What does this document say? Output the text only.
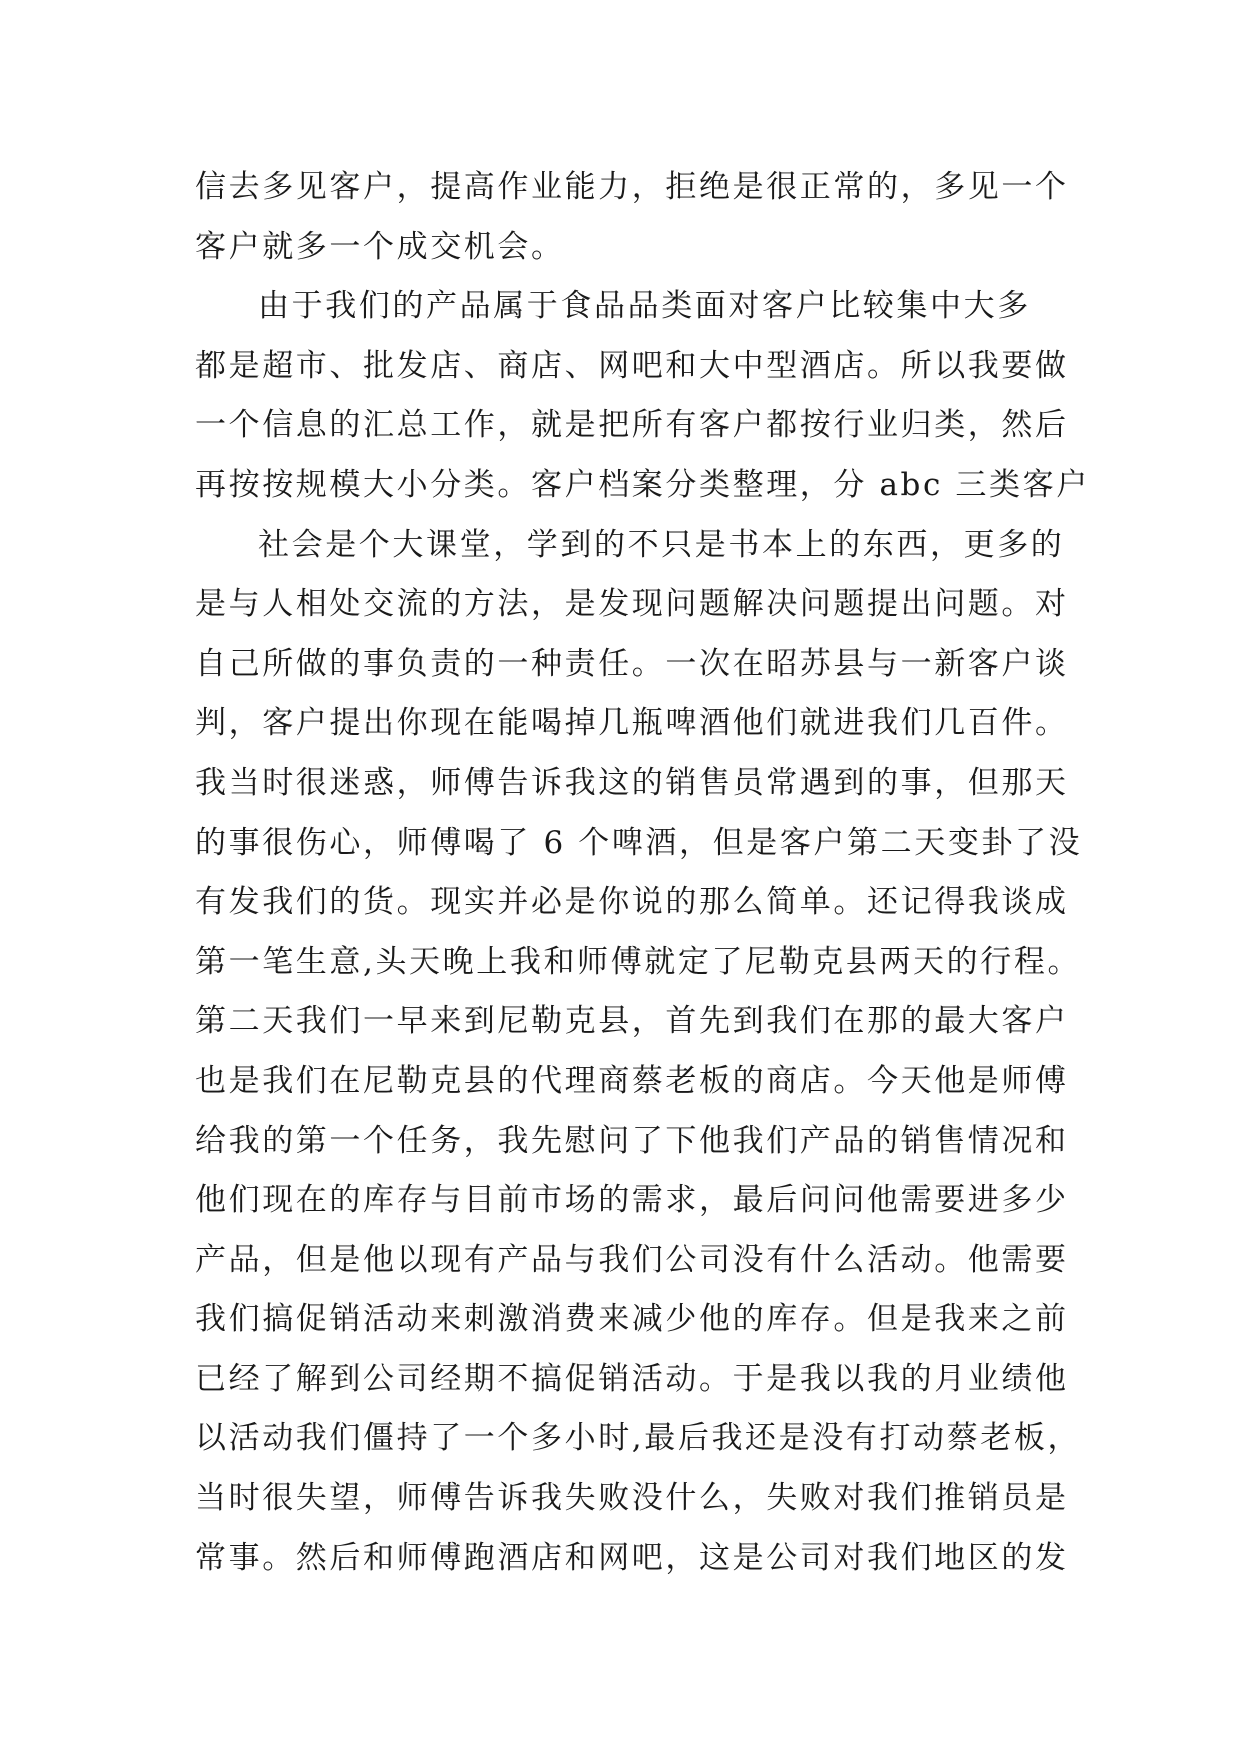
信去多见客户，提高作业能力，拒绝是很正常的，多见一个
客户就多一个成交机会。
由于我们的产品属于食品品类面对客户比较集中大多
都是超市、批发店、商店、网吧和大中型酒店。所以我要做
一个信息的汇总工作，就是把所有客户都按行业归类，然后
再按按规模大小分类。客户档案分类整理，分 abc 三类客户
社会是个大课堂，学到的不只是书本上的东西，更多的
是与人相处交流的方法，是发现问题解决问题提出问题。对
自己所做的事负责的一种责任。一次在昭苏县与一新客户谈
判，客户提出你现在能喝掉几瓶啤酒他们就进我们几百件。
我当时很迷惑，师傅告诉我这的销售员常遇到的事，但那天
的事很伤心，师傅喝了 6 个啤酒，但是客户第二天变卦了没
有发我们的货。现实并必是你说的那么简单。还记得我谈成
第一笔生意,头天晚上我和师傅就定了尼勒克县两天的行程。
第二天我们一早来到尼勒克县，首先到我们在那的最大客户
也是我们在尼勒克县的代理商蔡老板的商店。今天他是师傅
给我的第一个任务，我先慰问了下他我们产品的销售情况和
他们现在的库存与目前市场的需求，最后问问他需要进多少
产品，但是他以现有产品与我们公司没有什么活动。他需要
我们搞促销活动来刺激消费来减少他的库存。但是我来之前
已经了解到公司经期不搞促销活动。于是我以我的月业绩他
以活动我们僵持了一个多小时,最后我还是没有打动蔡老板，
当时很失望，师傅告诉我失败没什么，失败对我们推销员是
常事。然后和师傅跑酒店和网吧，这是公司对我们地区的发
